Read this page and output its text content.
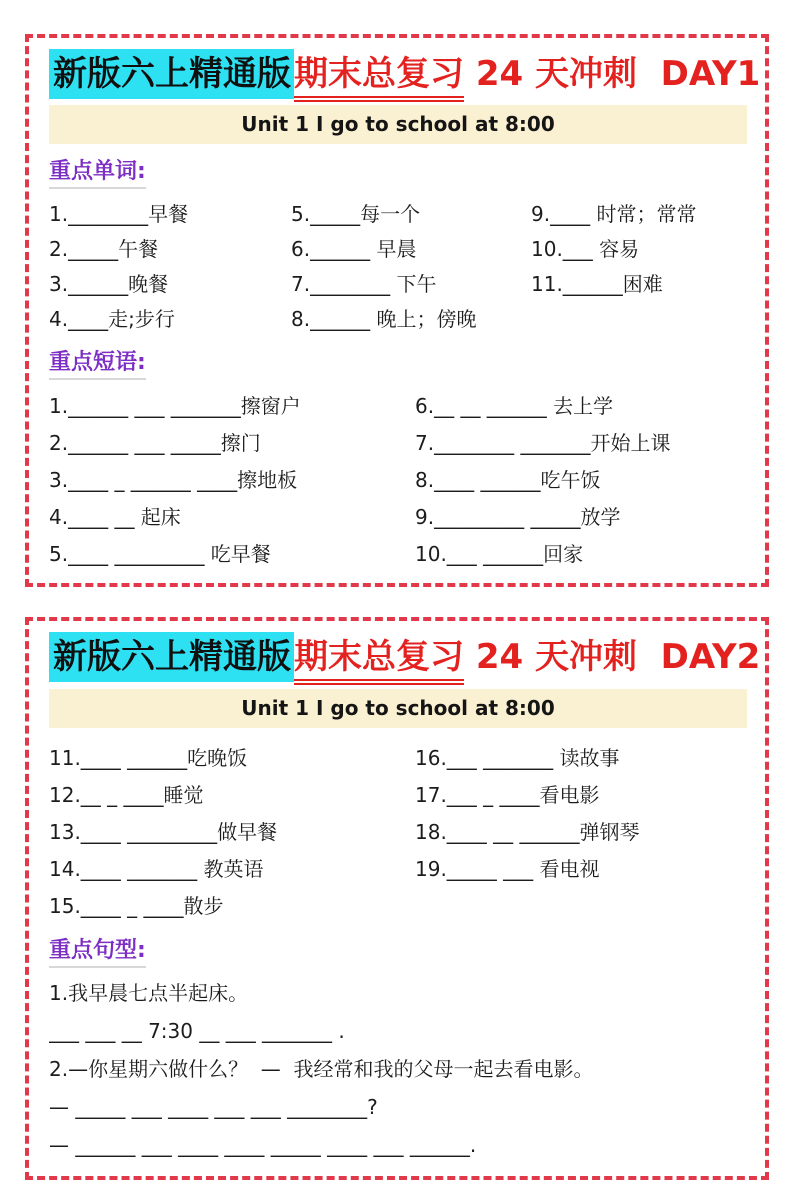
新版六上精通版期末总复习 24 天冲刺  DAY1
Unit 1 I go to school at 8:00
重点单词:
1.________早餐
2._____午餐
3.______晚餐
4.____走;步行
5._____每一个
6.______ 早晨
7.________ 下午
8.______ 晚上；傍晚
9.____ 时常；常常
10.___ 容易
11.______困难
重点短语:
1.______ ___ _______擦窗户
2.______ ___ _____擦门
3.____ _ ______ ____擦地板
4.____ __ 起床
5.____ _________ 吃早餐
6.__ __ ______ 去上学
7.________ _______开始上课
8.____ ______吃午饭
9._________ _____放学
10.___ ______回家
新版六上精通版期末总复习 24 天冲刺  DAY2
Unit 1 I go to school at 8:00
11.____ ______吃晚饭
12.__ _ ____睡觉
13.____ _________做早餐
14.____ _______ 教英语
15.____ _ ____散步
16.___ _______ 读故事
17.___ _ ____看电影
18.____ __ ______弹钢琴
19._____ ___ 看电视
重点句型:
1.我早晨七点半起床。
___ ___ __ 7:30 __ ___ _______ .
2.—你星期六做什么？  —  我经常和我的父母一起去看电影。
— _____ ___ ____ ___ ___ ________?
— ______ ___ ____ ____ _____ ____ ___ ______.
